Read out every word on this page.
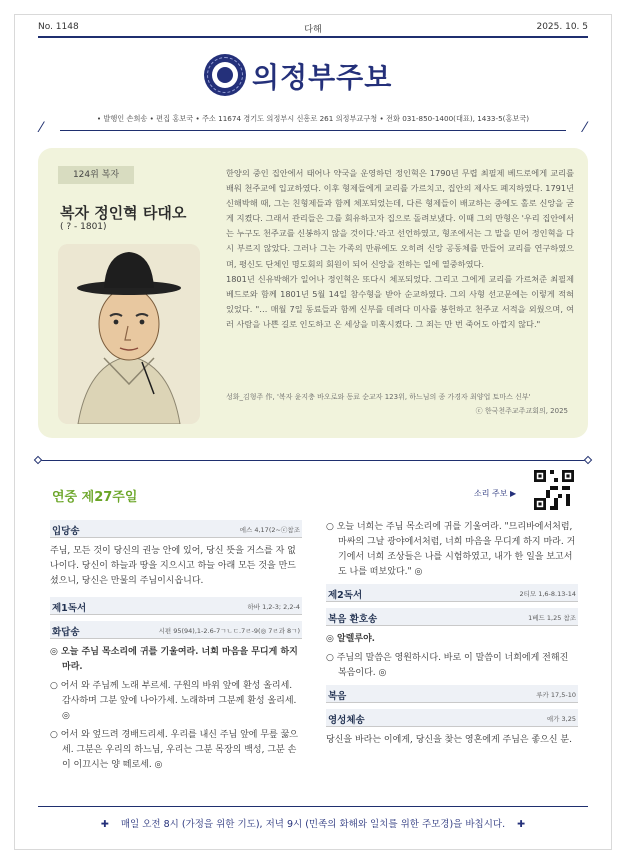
No. 1148	다해	2025. 10. 5
의정부주보
⁄
• 발행인 손희송 • 편집 홍보국 • 주소 11674 경기도 의정부시 신흥로 261 의정부교구청 • 전화 031-850-1400(대표), 1433-5(홍보국)
⁄
124위 복자
복자 정인혁 타대오
( ? - 1801)

한양의 중인 집안에서 태어나 약국을 운영하던 정인혁은 1790년 무렵 최필제 베드로에게 교리를 배워 천주교에 입교하였다. 이후 형제들에게 교리를 가르치고, 집안의 제사도 폐지하였다. 1791년 신해박해 때, 그는 친형제들과 함께 체포되었는데, 다른 형제들이 배교하는 중에도 홀로 신앙을 굳게 지켰다. 그래서 관리들은 그를 회유하고자 집으로 돌려보냈다. 이때 그의 만형은 '우리 집안에서는 누구도 천주교를 신봉하지 않을 것이다.'라고 선언하였고, 형조에서는 그 말을 믿어 정인혁을 다시 부르지 않았다. 그러나 그는 가족의 만류에도 오히려 신앙 공동체를 만들어 교리를 연구하였으며, 평신도 단체인 명도회의 회원이 되어 신앙을 전하는 일에 열중하였다.

1801년 신유박해가 일어나 정인혁은 또다시 체포되었다. 그리고 그에게 교리를 가르쳐준 최필제 베드로와 함께 1801년 5월 14일 참수형을 받아 순교하였다. 그의 사형 선고문에는 이렇게 적혀 있었다. "… 매월 7일 동료들과 함께 신부를 데려다 미사를 봉헌하고 천주교 서적을 외웠으며, 여러 사람을 나쁜 길로 인도하고 온 세상을 미혹시켰다. 그 죄는 만 번 죽어도 아깝지 않다."

성화_김형주 作, '복자 윤지충 바오로와 동료 순교자 123위, 하느님의 종 가경자 최양업 토마스 신부'
ⓒ 한국천주교주교회의, 2025
연중 제27주일	소리 주보 ▶
입당송	에스 4,17(2~ⓒ참조

주님, 모든 것이 당신의 권능 안에 있어, 당신 뜻을 거스를 자 없나이다. 당신이 하늘과 땅을 지으시고 하늘 아래 모든 것을 만드셨으니, 당신은 만물의 주님이시옵니다.

제1독서	하바 1,2-3; 2,2-4
화답송	시편 95(94),1-2.6-7ㄱㄴㄷ.7ㄹ-9(◎ 7ㄹ과 8ㄱ)

◎ 오늘 주님 목소리에 귀를 기울여라. 너희 마음을 무디게 하지 마라.

○ 어서 와 주님께 노래 부르세. 구원의 바위 앞에 환성 올리세. 감사하며 그분 앞에 나아가세. 노래하며 그분께 환성 올리세. ◎

○ 어서 와 엎드려 경배드리세. 우리를 내신 주님 앞에 무릎 꿇으세. 그분은 우리의 하느님, 우리는 그분 목장의 백성, 그분 손이 이끄시는 양 떼로세. ◎

○ 오늘 너희는 주님 목소리에 귀를 기울여라. "므리바에서처럼, 마싸의 그날 광야에서처럼, 너희 마음을 무디게 하지 마라. 거기에서 너희 조상들은 나를 시험하였고, 내가 한 일을 보고서도 나를 떠보았다." ◎

제2독서	2티모 1,6-8.13-14
복음 환호송	1베드 1,25 참조

◎ 알렐루야.

○ 주님의 말씀은 영원하시다. 바로 이 말씀이 너희에게 전해진 복음이다. ◎

복음	루카 17,5-10
영성체송	애가 3,25

당신을 바라는 이에게, 당신을 찾는 영혼에게 주님은 좋으신 분.

✚ 매일 오전 8시 (가정을 위한 기도), 저녁 9시 (민족의 화해와 일치를 위한 주모경)을 바칩시다. ✚
